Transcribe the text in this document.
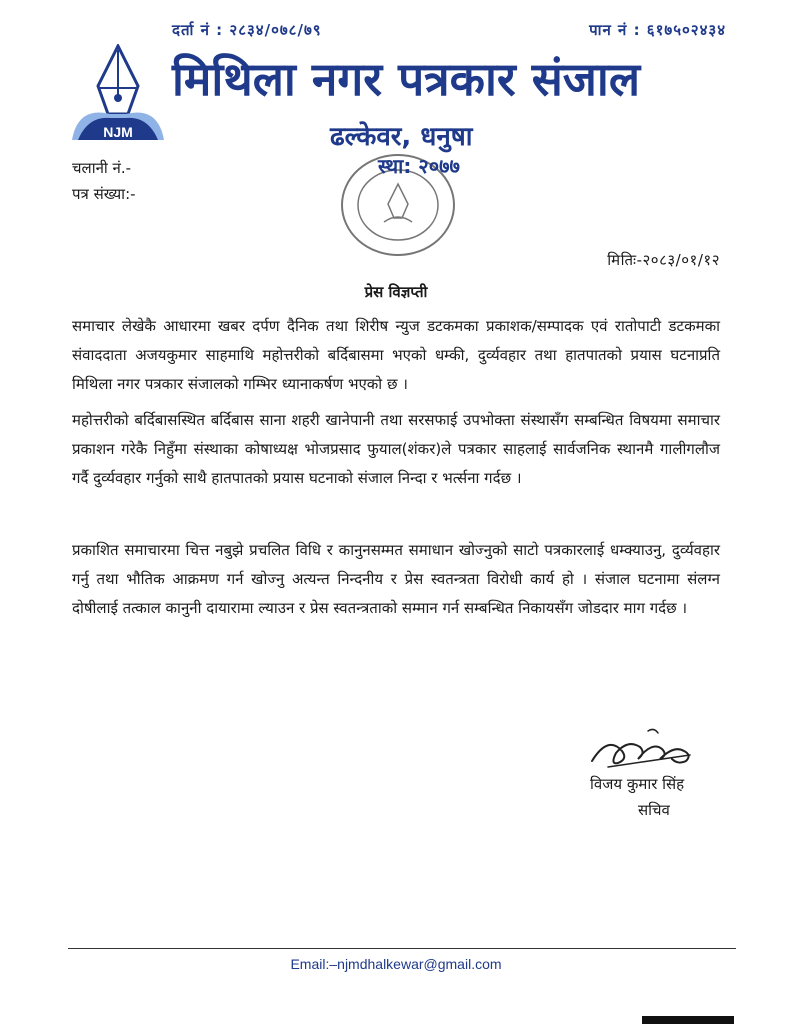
दर्ता नं : २८३४/०७८/७९	पान नं : ६१७५०२४३४
NJM
मिथिला नगर पत्रकार संजाल
ढल्केवर, धनुषा
स्था: २०७७
चलानी नं.-
पत्र संख्या:-
मितिः-२०८३/०१/१२
प्रेस विज्ञप्ती
समाचार लेखेकै आधारमा खबर दर्पण दैनिक तथा शिरीष न्युज डटकमका प्रकाशक/सम्पादक एवं रातोपाटी डटकमका संवाददाता अजयकुमार साहमाथि महोत्तरीको बर्दिबासमा भएको धम्की, दुर्व्यवहार तथा हातपातको प्रयास घटनाप्रति मिथिला नगर पत्रकार संजालको गम्भिर ध्यानाकर्षण भएको छ ।
महोत्तरीको बर्दिबासस्थित बर्दिबास साना शहरी खानेपानी तथा सरसफाई उपभोक्ता संस्थासँग सम्बन्धित विषयमा समाचार प्रकाशन गरेकै निहुँमा संस्थाका कोषाध्यक्ष भोजप्रसाद फुयाल(शंकर)ले पत्रकार साहलाई सार्वजनिक स्थानमै गालीगलौज गर्दै दुर्व्यवहार गर्नुको साथै हातपातको प्रयास घटनाको संजाल निन्दा र भर्त्सना गर्दछ ।
प्रकाशित समाचारमा चित्त नबुझे प्रचलित विधि र कानुनसम्मत समाधान खोज्नुको साटो पत्रकारलाई धम्क्याउनु, दुर्व्यवहार गर्नु तथा भौतिक आक्रमण गर्न खोज्नु अत्यन्त निन्दनीय र प्रेस स्वतन्त्रता विरोधी कार्य हो । संजाल घटनामा संलग्न दोषीलाई तत्काल कानुनी दायारामा ल्याउन र प्रेस स्वतन्त्रताको सम्मान गर्न सम्बन्धित निकायसँग जोडदार माग गर्दछ ।
विजय कुमार सिंह
सचिव
Email:–njmdhalkewar@gmail.com
